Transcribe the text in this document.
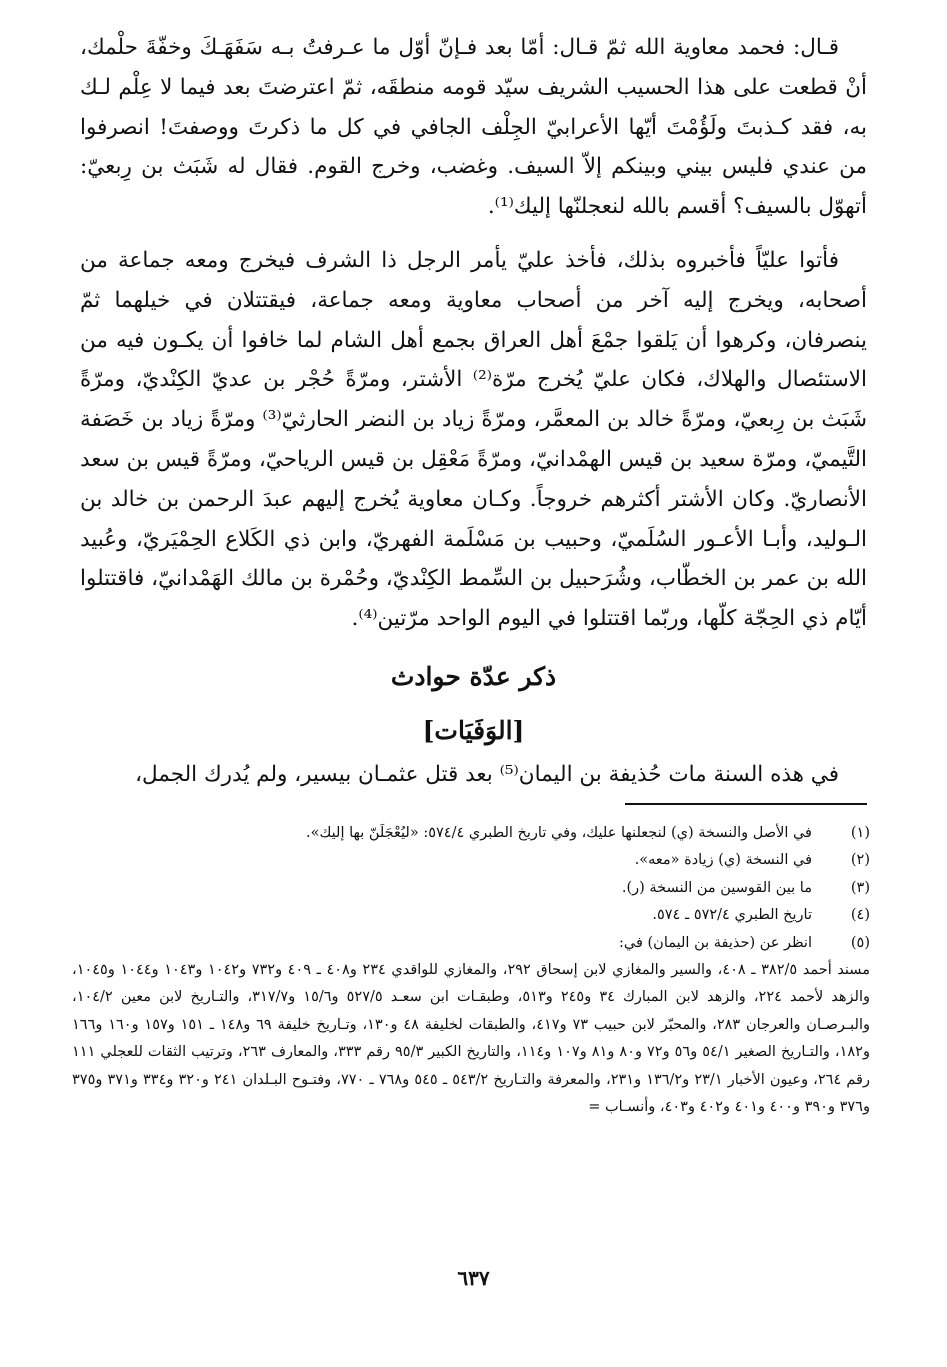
قـال: فحمد معاوية الله ثمّ قـال: أمّا بعد فـإنّ أوّل ما عـرفتُ بـه سَفَهَـكَ وخفّةَ حلْمك، أنْ قطعت على هذا الحسيب الشريف سيّد قومه منطقَه، ثمّ اعترضتَ بعد فيما لا عِلْم لـك به، فقد كـذبتَ ولَؤُمْتَ أيّها الأعرابيّ الجِلْف الجافي في كل ما ذكرتَ ووصفتَ! انصرفوا من عندي فليس بيني وبينكم إلاّ السيف. وغضب، وخرج القوم. فقال له شَبَث بن رِبعيّ: أتهوّل بالسيف؟ أقسم بالله لنعجلنّها إليك⁽¹⁾.

فأتوا عليّاً فأخبروه بذلك، فأخذ عليّ يأمر الرجل ذا الشرف فيخرج ومعه جماعة من أصحابه، ويخرج إليه آخر من أصحاب معاوية ومعه جماعة، فيقتتلان في خيلهما ثمّ ينصرفان، وكرهوا أن يَلقوا جمْعَ أهل العراق بجمع أهل الشام لما خافوا أن يكـون فيه من الاستئصال والهلاك، فكان عليّ يُخرج مرّة⁽²⁾ الأشتر، ومرّةً حُجْر بن عديّ الكِنْديّ، ومرّةً شَبَث بن رِبعيّ، ومرّةً خالد بن المعمَّر، ومرّةً زياد بن النضر الحارثيّ⁽³⁾ ومرّةً زياد بن خَصَفة التَّيميّ، ومرّة سعيد بن قيس الهمْدانيّ، ومرّةً مَعْقِل بن قيس الرياحيّ، ومرّةً قيس بن سعد الأنصاريّ. وكان الأشتر أكثرهم خروجاً. وكـان معاوية يُخرج إليهم عبدَ الرحمن بن خالد بن الـوليد، وأبـا الأعـور السُلَميّ، وحبيب بن مَسْلَمة الفهريّ، وابن ذي الكَلاع الحِمْيَريّ، وعُبيد الله بن عمر بن الخطّاب، وشُرَحبيل بن السِّمط الكِنْديّ، وحُمْرة بن مالك الهَمْدانيّ، فاقتتلوا أيّام ذي الحِجّة كلّها، وربّما اقتتلوا في اليوم الواحد مرّتين⁽⁴⁾.

ذكر عدّة حوادث
[الوَفَيَات]

في هذه السنة مات حُذيفة بن اليمان⁽⁵⁾ بعد قتل عثمـان بيسير، ولم يُدرك الجمل،

(١)
في الأصل والنسخة (ي) لنجعلنها عليك، وفي تاريخ الطبري ٥٧٤/٤: «ليُعْجَلَنّ بها إليك».
(٢)
في النسخة (ي) زيادة «معه».
(٣)
ما بين القوسين من النسخة (ر).
(٤)
تاريخ الطبري ٥٧٢/٤ ـ ٥٧٤.
(٥)
انظر عن (حذيفة بن اليمان) في:

مسند أحمد ٣٨٢/٥ ـ ٤٠٨، والسير والمغازي لابن إسحاق ٢٩٢، والمغازي للواقدي ٢٣٤ و٤٠٨ ـ ٤٠٩ و٧٣٢ و١٠٤٢ و١٠٤٣ و١٠٤٤ و١٠٤٥، والزهد لأحمد ٢٢٤، والزهد لابن المبارك ٣٤ و٢٤٥ و٥١٣، وطبقـات ابن سعـد ٥٢٧/٥ و١٥/٦ و٣١٧/٧، والتـاريخ لابن معين ١٠٤/٢، والبـرصـان والعرجان ٢٨٣، والمحبّر لابن حبيب ٧٣ و٤١٧، والطبقات لخليفة ٤٨ و١٣٠، وتـاريخ خليفة ٦٩ و١٤٨ ـ ١٥١ و١٥٧ و١٦٠ و١٦٦ و١٨٢، والتـاريخ الصغير ٥٤/١ و٥٦ و٧٢ و٨٠ و٨١ و١٠٧ و١١٤، والتاريخ الكبير ٩٥/٣ رقم ٣٣٣، والمعارف ٢٦٣، وترتيب الثقات للعجلي ١١١ رقم ٢٦٤، وعيون الأخبار ٢٣/١ و١٣٦/٢ و٢٣١، والمعرفة والتـاريخ ٥٤٣/٢ ـ ٥٤٥ و٧٦٨ ـ ٧٧٠، وفتـوح البـلدان ٢٤١ و٣٢٠ و٣٣٤ و٣٧١ و٣٧٥ و٣٧٦ و٣٩٠ و٤٠٠ و٤٠١ و٤٠٢ و٤٠٣، وأنسـاب =

٦٣٧
